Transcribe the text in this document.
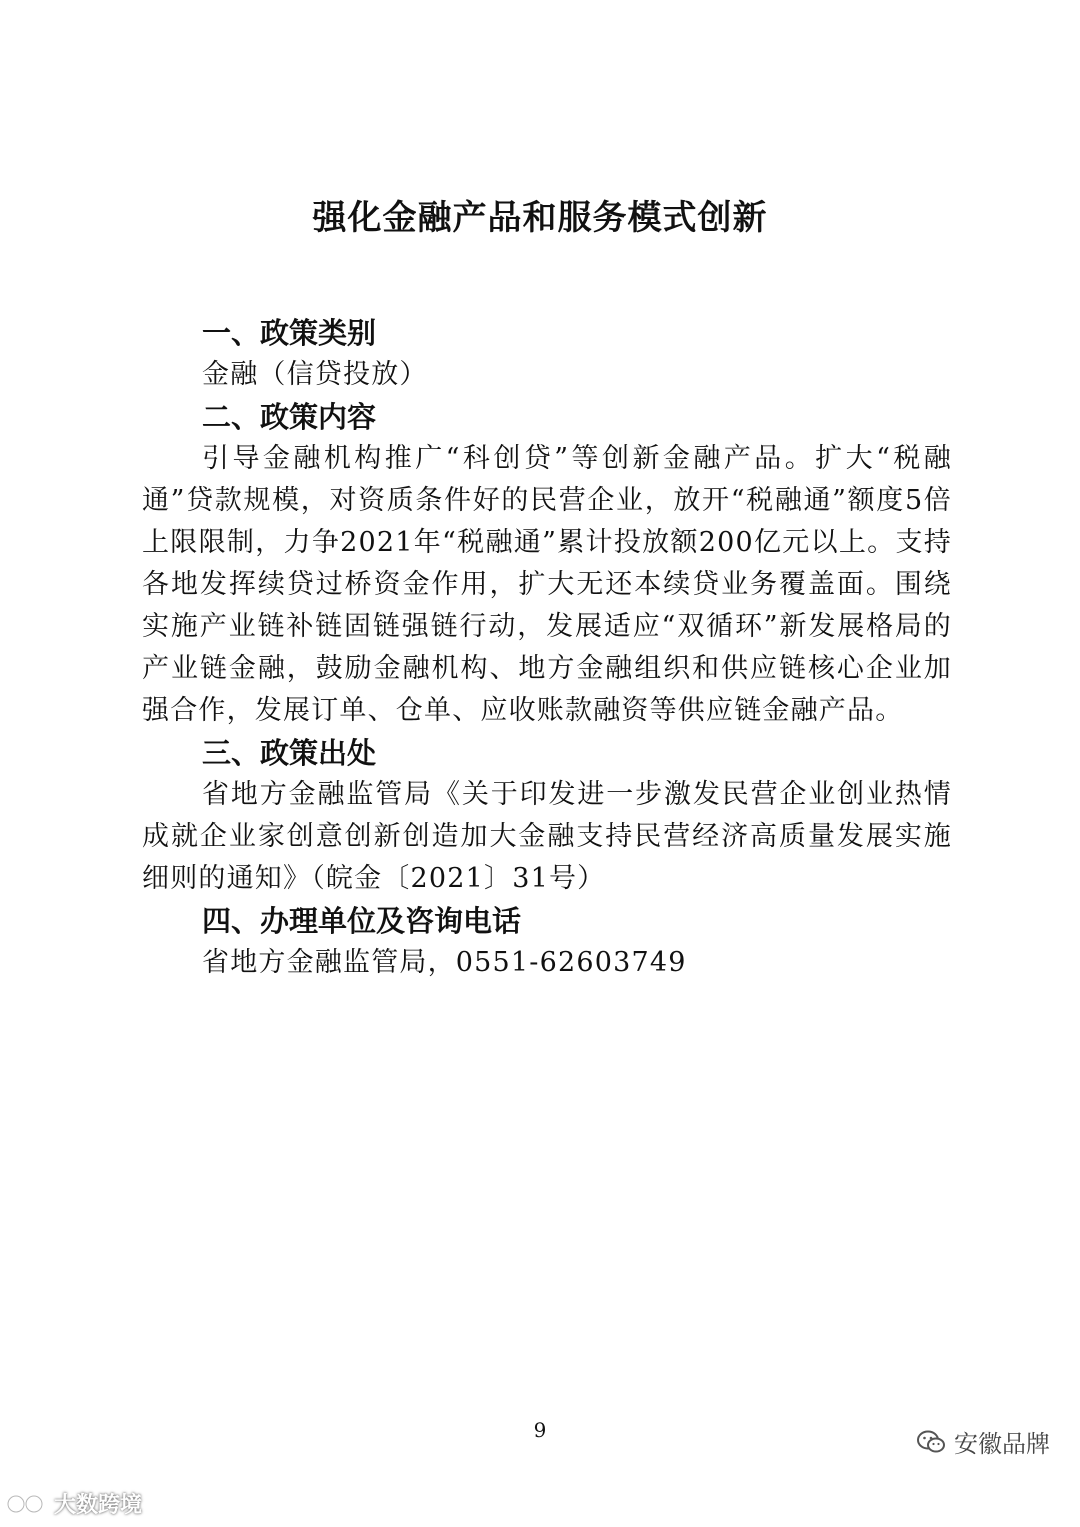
强化金融产品和服务模式创新
一、政策类别

金融（信贷投放）

二、政策内容

引导金融机构推广“科创贷”等创新金融产品。扩大“税融通”贷款规模，对资质条件好的民营企业，放开“税融通”额度5倍上限限制，力争2021年“税融通”累计投放额200亿元以上。支持各地发挥续贷过桥资金作用，扩大无还本续贷业务覆盖面。围绕实施产业链补链固链强链行动，发展适应“双循环”新发展格局的产业链金融，鼓励金融机构、地方金融组织和供应链核心企业加强合作，发展订单、仓单、应收账款融资等供应链金融产品。

三、政策出处

省地方金融监管局《关于印发进一步激发民营企业创业热情成就企业家创意创新创造加大金融支持民营经济高质量发展实施细则的通知》（皖金〔2021〕31号）

四、办理单位及咨询电话

省地方金融监管局，0551-62603749

9	安徽品牌
大数跨境
